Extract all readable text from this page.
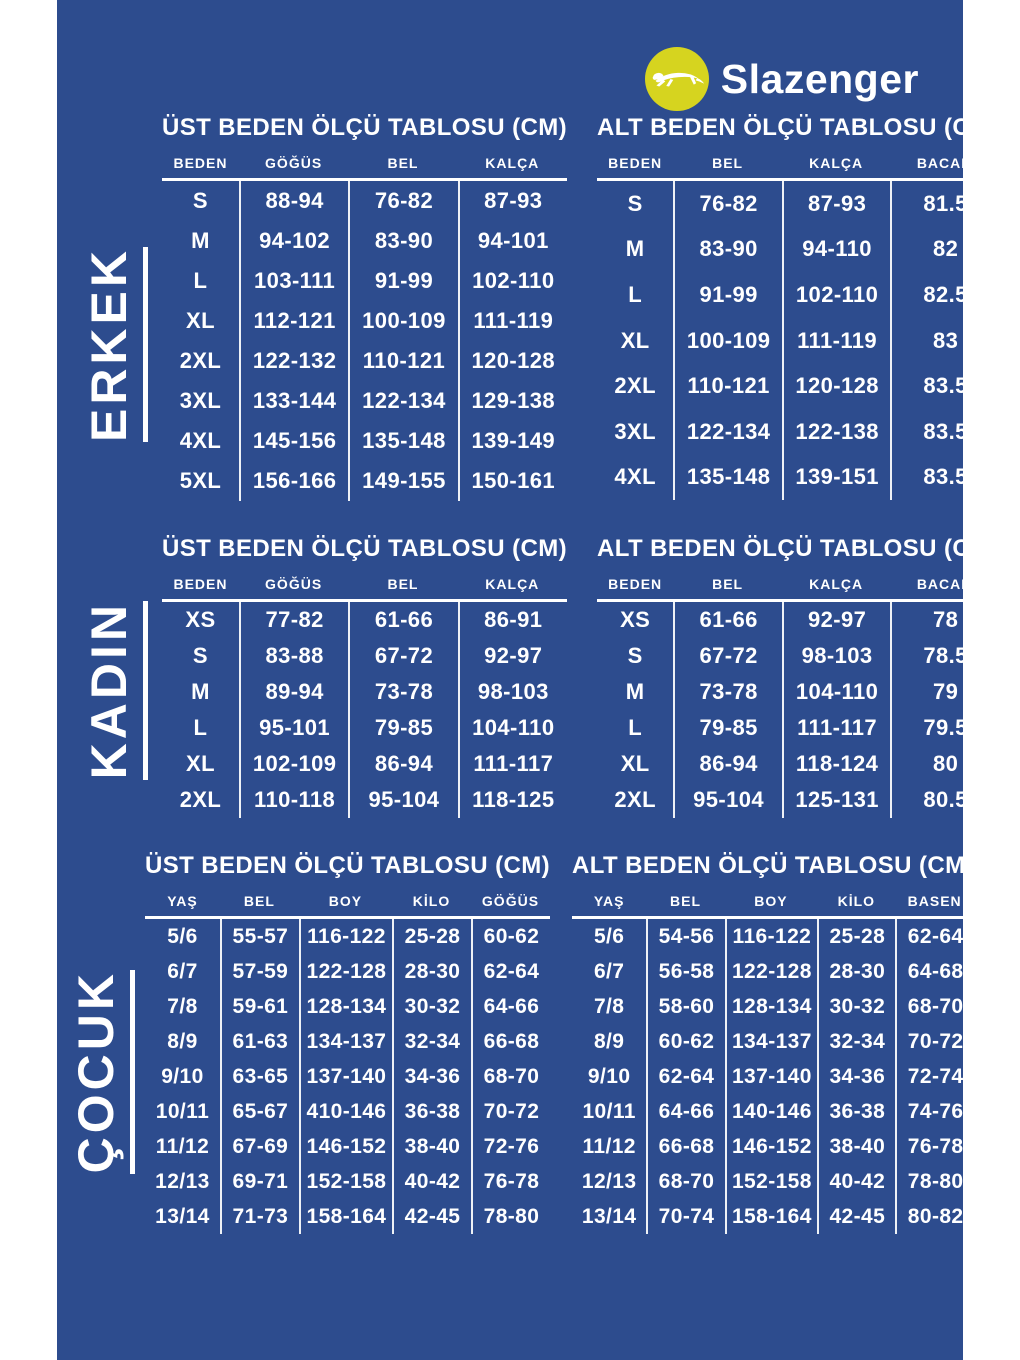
Slazenger
ERKEK
ÜST BEDEN ÖLÇÜ TABLOSU (CM)
BEDEN	GÖĞÜS	BEL	KALÇA
S	88-94	76-82	87-93
M	94-102	83-90	94-101
L	103-111	91-99	102-110
XL	112-121	100-109	111-119
2XL	122-132	110-121	120-128
3XL	133-144	122-134	129-138
4XL	145-156	135-148	139-149
5XL	156-166	149-155	150-161
ALT BEDEN ÖLÇÜ TABLOSU (CM)
BEDEN	BEL	KALÇA	BACAK
S	76-82	87-93	81.5
M	83-90	94-110	82
L	91-99	102-110	82.5
XL	100-109	111-119	83
2XL	110-121	120-128	83.5
3XL	122-134	122-138	83.5
4XL	135-148	139-151	83.5
KADIN
ÜST BEDEN ÖLÇÜ TABLOSU (CM)
BEDEN	GÖĞÜS	BEL	KALÇA
XS	77-82	61-66	86-91
S	83-88	67-72	92-97
M	89-94	73-78	98-103
L	95-101	79-85	104-110
XL	102-109	86-94	111-117
2XL	110-118	95-104	118-125
ALT BEDEN ÖLÇÜ TABLOSU (CM)
BEDEN	BEL	KALÇA	BACAK
XS	61-66	92-97	78
S	67-72	98-103	78.5
M	73-78	104-110	79
L	79-85	111-117	79.5
XL	86-94	118-124	80
2XL	95-104	125-131	80.5
ÇOCUK
ÜST BEDEN ÖLÇÜ TABLOSU (CM)
YAŞ	BEL	BOY	KİLO	GÖĞÜS
5/6	55-57 116-122 25-28	60-62
6/7	57-59 122-128 28-30	62-64
7/8	59-61 128-134 30-32	64-66
8/9	61-63 134-137 32-34	66-68
9/10	63-65 137-140 34-36	68-70
10/11	65-67 410-146 36-38	70-72
11/12	67-69 146-152 38-40	72-76
12/13	69-71 152-158 40-42	76-78
13/14	71-73 158-164 42-45	78-80
ALT BEDEN ÖLÇÜ TABLOSU (CM)
YAŞ	BEL	BOY	KİLO	BASEN
5/6	54-56 116-122 25-28	62-64
6/7	56-58 122-128 28-30	64-68
7/8	58-60 128-134 30-32	68-70
8/9	60-62 134-137 32-34	70-72
9/10	62-64 137-140 34-36	72-74
10/11	64-66 140-146 36-38	74-76
11/12	66-68 146-152 38-40	76-78
12/13	68-70 152-158 40-42	78-80
13/14	70-74 158-164 42-45	80-82
